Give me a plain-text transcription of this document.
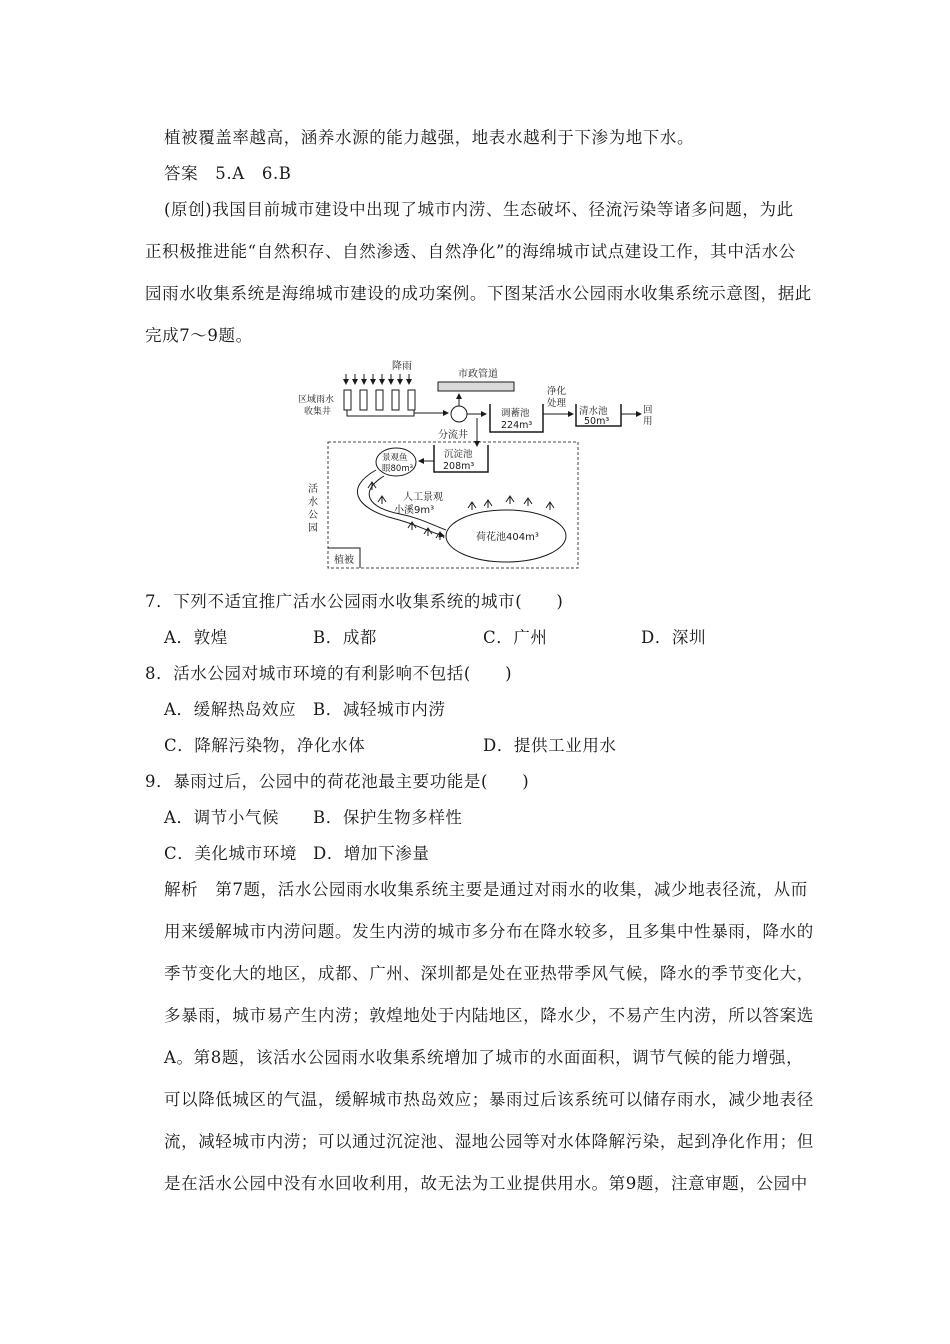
植被覆盖率越高，涵养水源的能力越强，地表水越利于下渗为地下水。
答案　5.A　6.B
(原创)我国目前城市建设中出现了城市内涝、生态破坏、径流污染等诸多问题，为此
正积极推进能“自然积存、自然渗透、自然净化”的海绵城市试点建设工作，其中活水公
园雨水收集系统是海绵城市建设的成功案例。下图某活水公园雨水收集系统示意图，据此
完成7～9题。
降雨
区域雨水
收集井
市政管道
分流井
调蓄池
224m³
净化
处理
清水池
50m³
回
用
活
水
公
园
沉淀池
208m³
景观鱼
眼80m³
人工景观
小溪9m³
荷花池404m³
植被
7．下列不适宜推广活水公园雨水收集系统的城市(　　)
A．敦煌	B．成都	C．广州	D．深圳
8．活水公园对城市环境的有利影响不包括(　　)
A．缓解热岛效应 B．减轻城市内涝
C．降解污染物，净化水体	D．提供工业用水
9．暴雨过后，公园中的荷花池最主要功能是(　　)
A．调节小气候 B．保护生物多样性
C．美化城市环境 D．增加下渗量
解析　第7题，活水公园雨水收集系统主要是通过对雨水的收集，减少地表径流，从而
用来缓解城市内涝问题。发生内涝的城市多分布在降水较多，且多集中性暴雨，降水的
季节变化大的地区，成都、广州、深圳都是处在亚热带季风气候，降水的季节变化大，
多暴雨，城市易产生内涝；敦煌地处于内陆地区，降水少，不易产生内涝，所以答案选
A。第8题，该活水公园雨水收集系统增加了城市的水面面积，调节气候的能力增强，
可以降低城区的气温，缓解城市热岛效应；暴雨过后该系统可以储存雨水，减少地表径
流，减轻城市内涝；可以通过沉淀池、湿地公园等对水体降解污染，起到净化作用；但
是在活水公园中没有水回收利用，故无法为工业提供用水。第9题，注意审题，公园中
